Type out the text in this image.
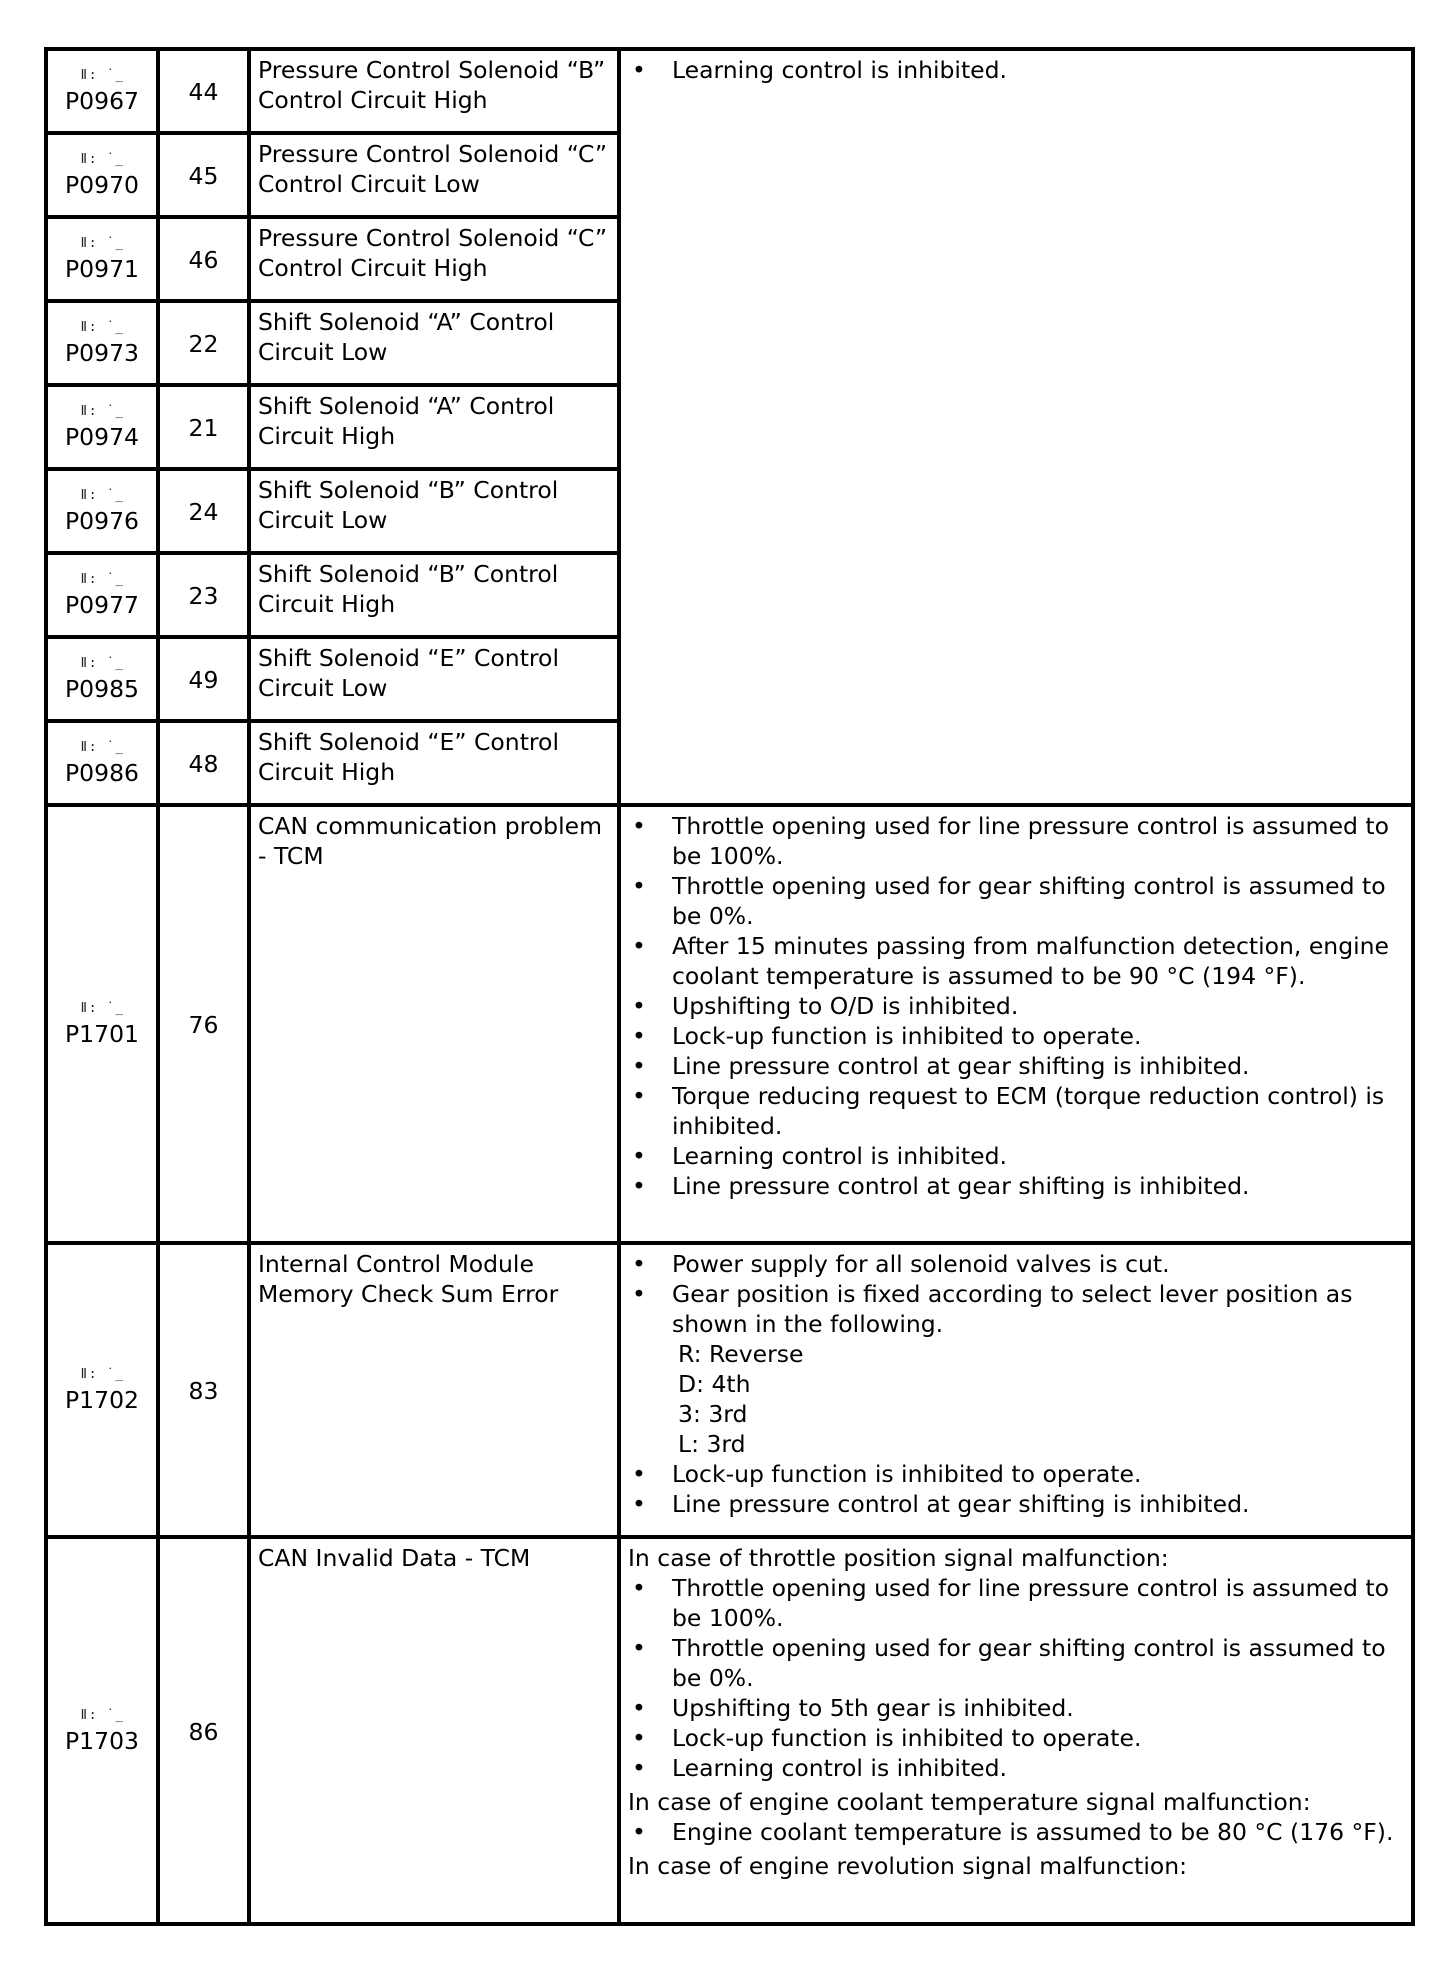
ǁ꞉ ˙_
P0967	44	Pressure Control Solenoid “B” Control Circuit High	
• Learning control is inhibited.

ǁ꞉ ˙_
P0970	45	Pressure Control Solenoid “C” Control Circuit Low	

ǁ꞉ ˙_
P0971	46	Pressure Control Solenoid “C” Control Circuit High	

ǁ꞉ ˙_
P0973	22	Shift Solenoid “A” Control Circuit Low	

ǁ꞉ ˙_
P0974	21	Shift Solenoid “A” Control Circuit High	

ǁ꞉ ˙_
P0976	24	Shift Solenoid “B” Control Circuit Low	

ǁ꞉ ˙_
P0977	23	Shift Solenoid “B” Control Circuit High	

ǁ꞉ ˙_
P0985	49	Shift Solenoid “E” Control Circuit Low	

ǁ꞉ ˙_
P0986	48	Shift Solenoid “E” Control Circuit High	

ǁ꞉ ˙_
P1701	76	CAN communication problem - TCM	
• Throttle opening used for line pressure control is assumed to be 100%.
• Throttle opening used for gear shifting control is assumed to be 0%.
• After 15 minutes passing from malfunction detection, engine coolant temperature is assumed to be 90 °C (194 °F).
• Upshifting to O/D is inhibited.
• Lock-up function is inhibited to operate.
• Line pressure control at gear shifting is inhibited.
• Torque reducing request to ECM (torque reduction control) is inhibited.
• Learning control is inhibited.
• Line pressure control at gear shifting is inhibited.

ǁ꞉ ˙_
P1702	83	Internal Control Module Memory Check Sum Error	
• Power supply for all solenoid valves is cut.
• Gear position is fixed according to select lever position as shown in the following.
R: Reverse
D: 4th
3: 3rd
L: 3rd
• Lock-up function is inhibited to operate.
• Line pressure control at gear shifting is inhibited.

ǁ꞉ ˙_
P1703	86	CAN Invalid Data - TCM	In case of throttle position signal malfunction:
• Throttle opening used for line pressure control is assumed to be 100%.
• Throttle opening used for gear shifting control is assumed to be 0%.
• Upshifting to 5th gear is inhibited.
• Lock-up function is inhibited to operate.
• Learning control is inhibited.
In case of engine coolant temperature signal malfunction:
• Engine coolant temperature is assumed to be 80 °C (176 °F).
In case of engine revolution signal malfunction:
